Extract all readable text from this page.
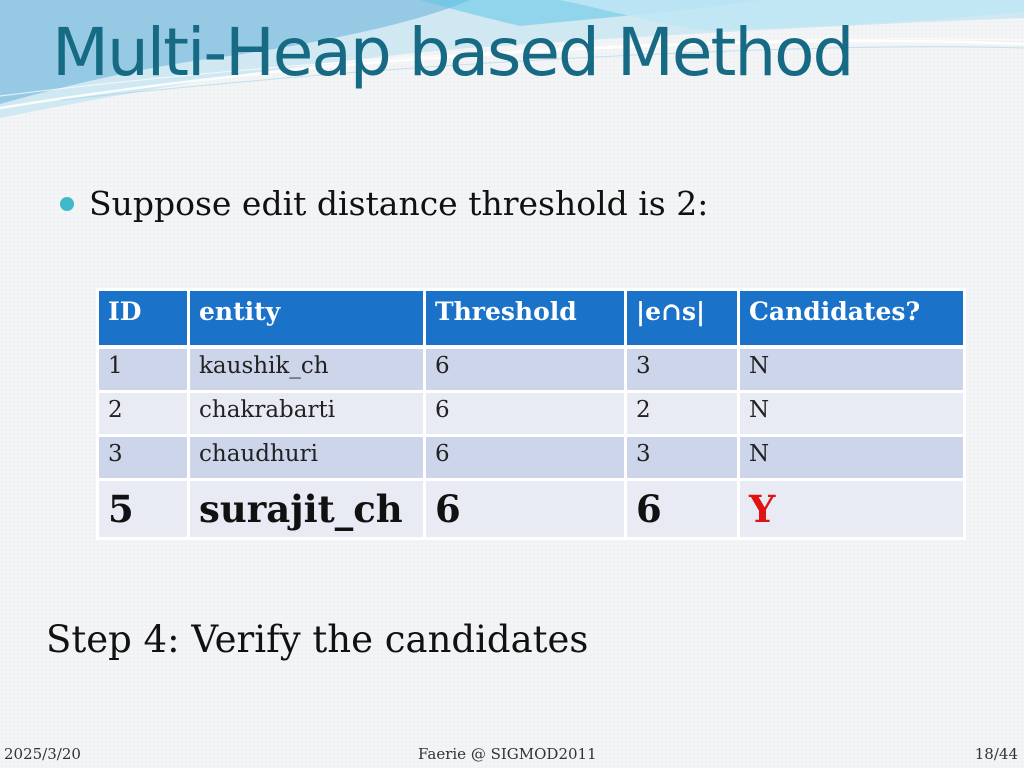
Multi-Heap based Method
Suppose edit distance threshold is 2:
ID	entity	Threshold	|e∩s|	Candidates?
1	kaushik_ch	6	3	N
2	chakrabarti	6	2	N
3	chaudhuri	6	3	N
5	surajit_ch	6	6	Y
Step 4: Verify the candidates
2025/3/20	Faerie @ SIGMOD2011	18/44
